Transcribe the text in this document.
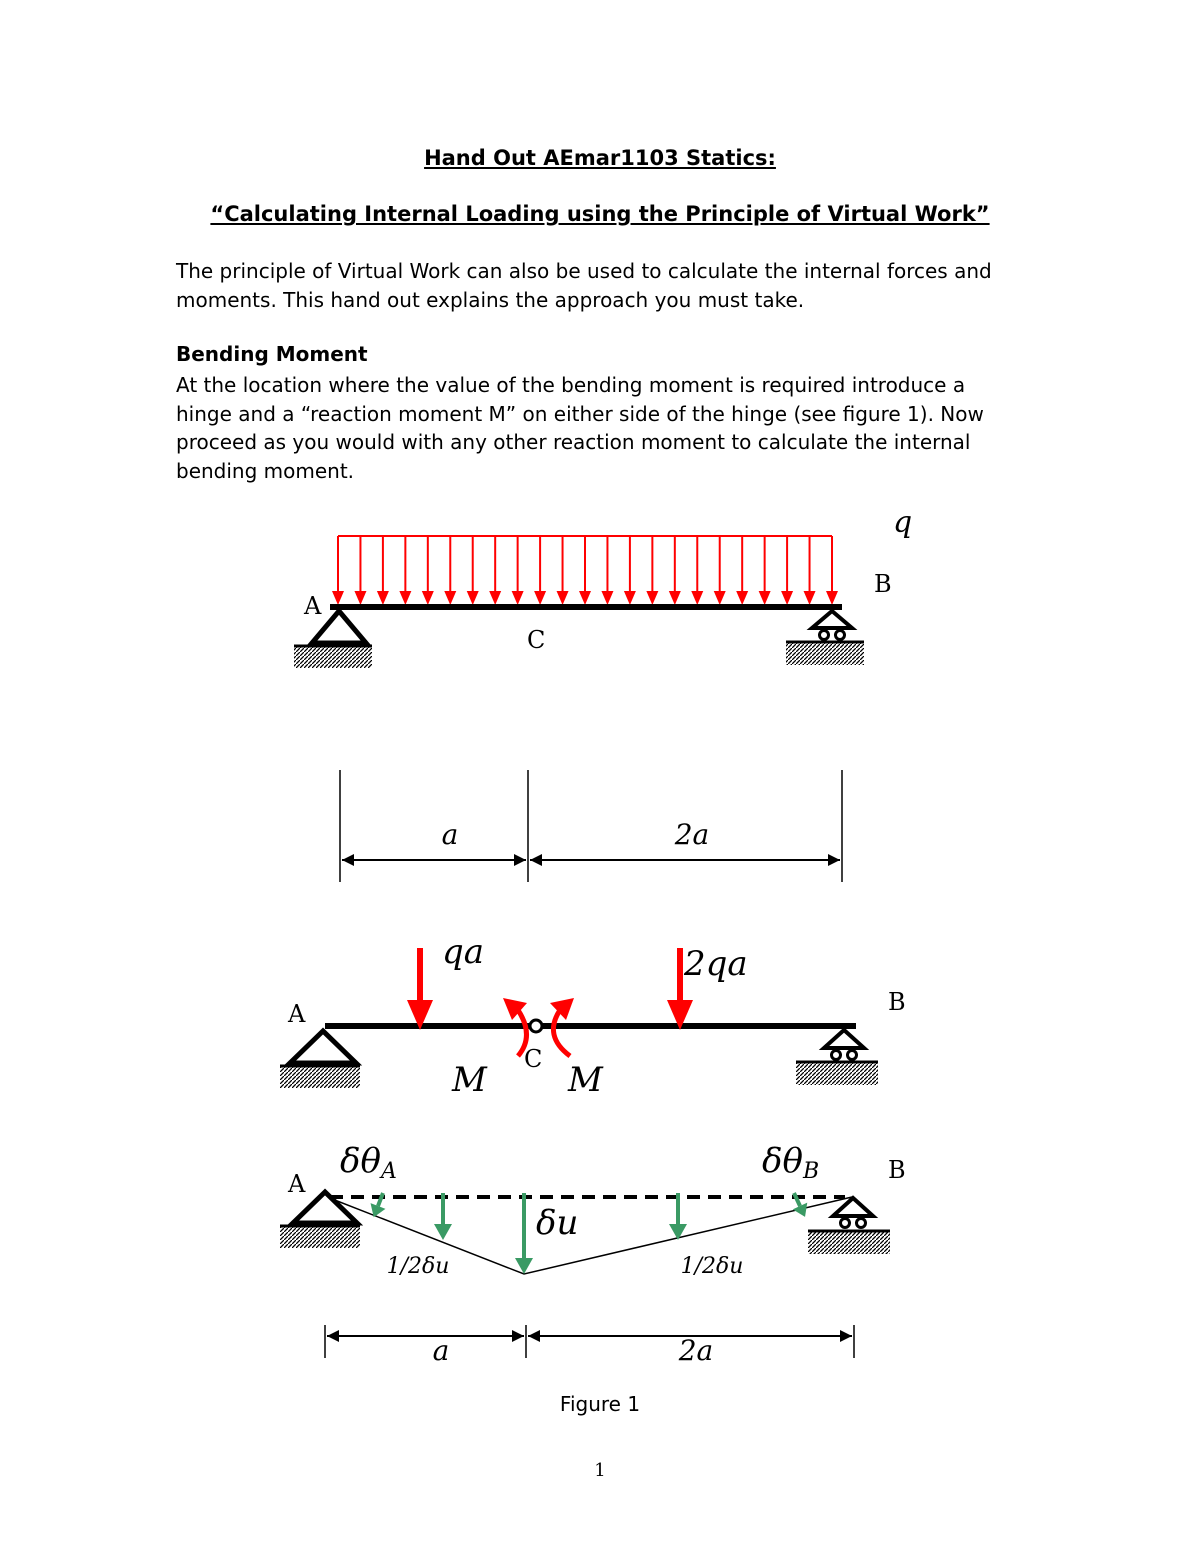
Hand Out AEmar1103 Statics:

“Calculating Internal Loading using the Principle of Virtual Work”

The principle of Virtual Work can also be used to calculate the internal forces and
moments. This hand out explains the approach you must take.

Bending Moment

At the location where the value of the bending moment is required introduce a
hinge and a “reaction moment M” on either side of the hinge (see figure 1). Now
proceed as you would with any other reaction moment to calculate the internal
bending moment.

q
B
A
C
a	2a
qa	2qa
A	B
C
M M
A	B
δθA	δθB
δu
1/2δu	1/2δu
a	2a
Figure 1
1
